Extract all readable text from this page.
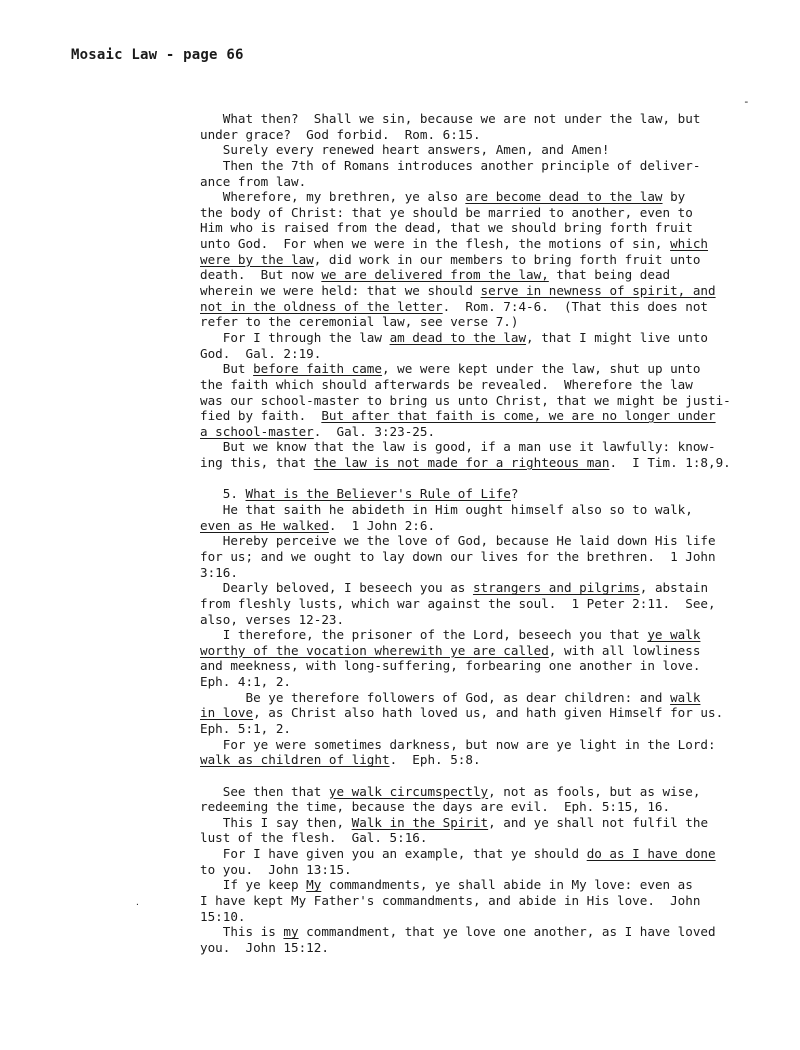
Mosaic Law - page 66
-
.
What then?  Shall we sin, because we are not under the law, but
under grace?  God forbid.  Rom. 6:15.
Surely every renewed heart answers, Amen, and Amen!
Then the 7th of Romans introduces another principle of deliver-
ance from law.
Wherefore, my brethren, ye also are become dead to the law by
the body of Christ: that ye should be married to another, even to
Him who is raised from the dead, that we should bring forth fruit
unto God.  For when we were in the flesh, the motions of sin, which
were by the law, did work in our members to bring forth fruit unto
death.  But now we are delivered from the law, that being dead
wherein we were held: that we should serve in newness of spirit, and
not in the oldness of the letter.  Rom. 7:4-6.  (That this does not
refer to the ceremonial law, see verse 7.)
For I through the law am dead to the law, that I might live unto
God.  Gal. 2:19.
But before faith came, we were kept under the law, shut up unto
the faith which should afterwards be revealed.  Wherefore the law
was our school-master to bring us unto Christ, that we might be justi-
fied by faith.  But after that faith is come, we are no longer under
a school-master.  Gal. 3:23-25.
But we know that the law is good, if a man use it lawfully: know-
ing this, that the law is not made for a righteous man.  I Tim. 1:8,9.
5. What is the Believer's Rule of Life?
He that saith he abideth in Him ought himself also so to walk,
even as He walked.  1 John 2:6.
Hereby perceive we the love of God, because He laid down His life
for us; and we ought to lay down our lives for the brethren.  1 John
3:16.
Dearly beloved, I beseech you as strangers and pilgrims, abstain
from fleshly lusts, which war against the soul.  1 Peter 2:11.  See,
also, verses 12-23.
I therefore, the prisoner of the Lord, beseech you that ye walk
worthy of the vocation wherewith ye are called, with all lowliness
and meekness, with long-suffering, forbearing one another in love.
Eph. 4:1, 2.
Be ye therefore followers of God, as dear children: and walk
in love, as Christ also hath loved us, and hath given Himself for us.
Eph. 5:1, 2.
For ye were sometimes darkness, but now are ye light in the Lord:
walk as children of light.  Eph. 5:8.
See then that ye walk circumspectly, not as fools, but as wise,
redeeming the time, because the days are evil.  Eph. 5:15, 16.
This I say then, Walk in the Spirit, and ye shall not fulfil the
lust of the flesh.  Gal. 5:16.
For I have given you an example, that ye should do as I have done
to you.  John 13:15.
If ye keep My commandments, ye shall abide in My love: even as
I have kept My Father's commandments, and abide in His love.  John
15:10.
This is my commandment, that ye love one another, as I have loved
you.  John 15:12.
